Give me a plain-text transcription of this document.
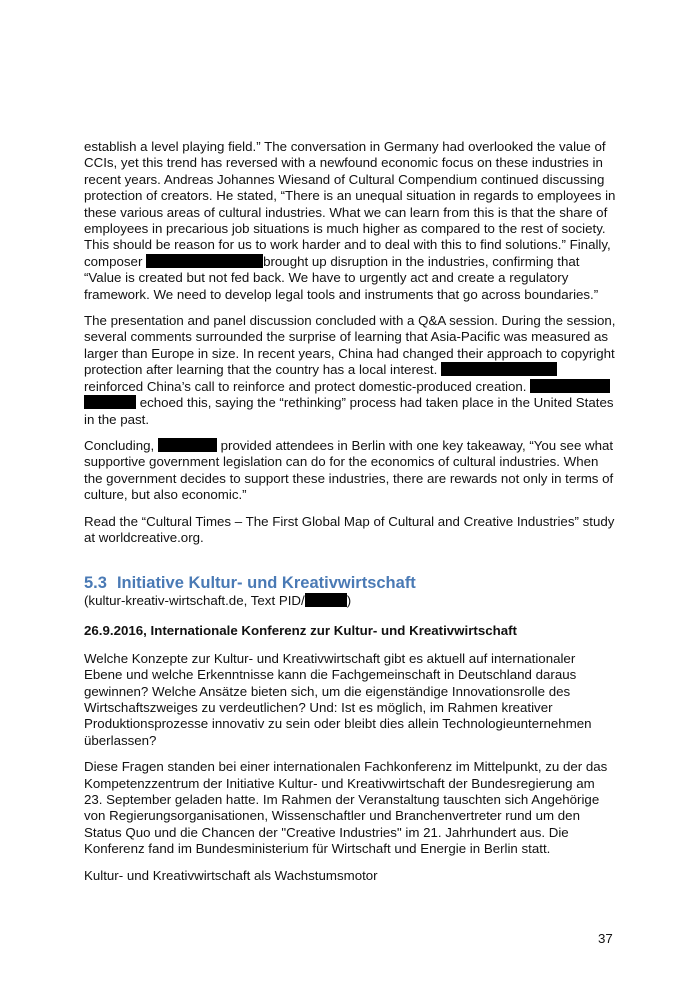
establish a level playing field.” The conversation in Germany had overlooked the value of CCIs, yet this trend has reversed with a newfound economic focus on these industries in recent years. Andreas Johannes Wiesand of Cultural Compendium continued discussing protection of creators. He stated, “There is an unequal situation in regards to employees in these various areas of cultural industries. What we can learn from this is that the share of employees in precarious job situations is much higher as compared to the rest of society. This should be reason for us to work harder and to deal with this to find solutions.” Finally, composer	brought up disruption in the industries, confirming that “Value is created but not fed back. We have to urgently act and create a regulatory framework. We need to develop legal tools and instruments that go across boundaries.”

The presentation and panel discussion concluded with a Q&A session. During the session, several comments surrounded the surprise of learning that Asia-Pacific was measured as larger than Europe in size. In recent years, China had changed their approach to copyright protection after learning that the country has a local interest.  reinforced China’s call to reinforce and protect domestic-produced creation.  echoed this, saying the “rethinking” process had taken place in the United States in the past.

Concluding,	provided attendees in Berlin with one key takeaway, “You see what supportive government legislation can do for the economics of cultural industries. When the government decides to support these industries, there are rewards not only in terms of culture, but also economic.”

Read the “Cultural Times – The First Global Map of Cultural and Creative Industries” study at worldcreative.org.

5.3 Initiative Kultur- und Kreativwirtschaft

(kultur-kreativ-wirtschaft.de, Text PID/	)

26.9.2016, Internationale Konferenz zur Kultur- und Kreativwirtschaft

Welche Konzepte zur Kultur- und Kreativwirtschaft gibt es aktuell auf internationaler Ebene und welche Erkenntnisse kann die Fachgemeinschaft in Deutschland daraus gewinnen? Welche Ansätze bieten sich, um die eigenständige Innovationsrolle des Wirtschaftszweiges zu verdeutlichen? Und: Ist es möglich, im Rahmen kreativer Produktionsprozesse innovativ zu sein oder bleibt dies allein Technologieunternehmen überlassen?

Diese Fragen standen bei einer internationalen Fachkonferenz im Mittelpunkt, zu der das Kompetenzzentrum der Initiative Kultur- und Kreativwirtschaft der Bundesregierung am 23. September geladen hatte. Im Rahmen der Veranstaltung tauschten sich Angehörige von Regierungsorganisationen, Wissenschaftler und Branchenvertreter rund um den Status Quo und die Chancen der "Creative Industries" im 21. Jahrhundert aus. Die Konferenz fand im Bundesministerium für Wirtschaft und Energie in Berlin statt.

Kultur- und Kreativwirtschaft als Wachstumsmotor

37
